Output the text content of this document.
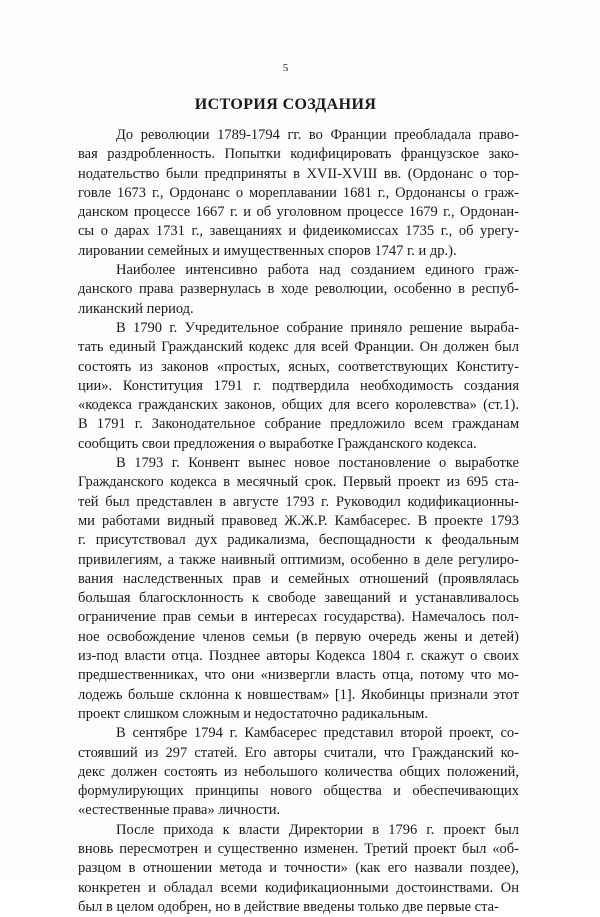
5
ИСТОРИЯ СОЗДАНИЯ

До революции 1789-1794 гг. во Франции преобладала право-
вая раздробленность. Попытки кодифицировать французское зако-
нодательство были предприняты в XVII-XVIII вв. (Ордонанс о тор-
говле 1673 г., Ордонанс о мореплавании 1681 г., Ордонансы о граж-
данском процессе 1667 г. и об уголовном процессе 1679 г., Ордонан-
сы о дарах 1731 г., завещаниях и фидеикомиссах 1735 г., об урегу-
лировании семейных и имущественных споров 1747 г. и др.).

Наиболее интенсивно работа над созданием единого граж-
данского права развернулась в ходе революции, особенно в респуб-
ликанский период.

В 1790 г. Учредительное собрание приняло решение выраба-
тать единый Гражданский кодекс для всей Франции. Он должен был
состоять из законов «простых, ясных, соответствующих Конститу-
ции». Конституция 1791 г. подтвердила необходимость создания
«кодекса гражданских законов, общих для всего королевства» (ст.1).
В 1791 г. Законодательное собрание предложило всем гражданам
сообщить свои предложения о выработке Гражданского кодекса.

В 1793 г. Конвент вынес новое постановление о выработке
Гражданского кодекса в месячный срок. Первый проект из 695 ста-
тей был представлен в августе 1793 г. Руководил кодификационны-
ми работами видный правовед Ж.Ж.Р. Камбасерес. В проекте 1793
г. присутствовал дух радикализма, беспощадности к феодальным
привилегиям, а также наивный оптимизм, особенно в деле регулиро-
вания наследственных прав и семейных отношений (проявлялась
большая благосклонность к свободе завещаний и устанавливалось
ограничение прав семьи в интересах государства). Намечалось пол-
ное освобождение членов семьи (в первую очередь жены и детей)
из-под власти отца. Позднее авторы Кодекса 1804 г. скажут о своих
предшественниках, что они «низвергли власть отца, потому что мо-
лодежь больше склонна к новшествам» [1]. Якобинцы признали этот
проект слишком сложным и недостаточно радикальным.

В сентябре 1794 г. Камбасерес представил второй проект, со-
стоявший из 297 статей. Его авторы считали, что Гражданский ко-
декс должен состоять из небольшого количества общих положений,
формулирующих принципы нового общества и обеспечивающих
«естественные права» личности.

После прихода к власти Директории в 1796 г. проект был
вновь пересмотрен и существенно изменен. Третий проект был «об-
разцом в отношении метода и точности» (как его назвали поздее),
конкретен и обладал всеми кодификационными достоинствами. Он
был в целом одобрен, но в действие введены только две первые ста-
